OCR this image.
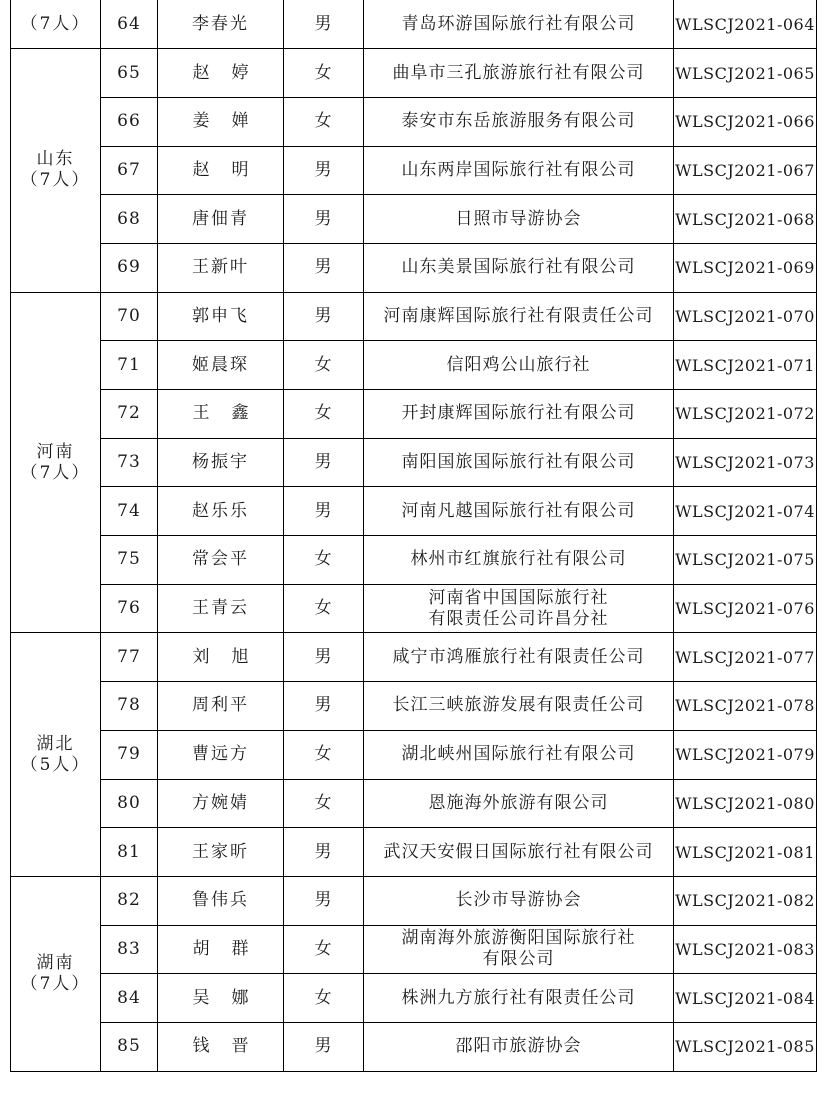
（7人）	64	李春光	男	青岛环游国际旅行社有限公司	WLSCJ2021-064

山东
（7人）	65	赵婷	女	曲阜市三孔旅游旅行社有限公司	WLSCJ2021-065
	66	姜婵	女	泰安市东岳旅游服务有限公司	WLSCJ2021-066
	67	赵明	男	山东两岸国际旅行社有限公司	WLSCJ2021-067
	68	唐佃青	男	日照市导游协会	WLSCJ2021-068
	69	王新叶	男	山东美景国际旅行社有限公司	WLSCJ2021-069

河南
（7人）	70	郭申飞	男	河南康辉国际旅行社有限责任公司	WLSCJ2021-070
	71	姬晨琛	女	信阳鸡公山旅行社	WLSCJ2021-071
	72	王鑫	女	开封康辉国际旅行社有限公司	WLSCJ2021-072
	73	杨振宇	男	南阳国旅国际旅行社有限公司	WLSCJ2021-073
	74	赵乐乐	男	河南凡越国际旅行社有限公司	WLSCJ2021-074
	75	常会平	女	林州市红旗旅行社有限公司	WLSCJ2021-075
	76	王青云	女	河南省中国国际旅行社
有限责任公司许昌分社	WLSCJ2021-076

湖北
（5人）	77	刘旭	男	咸宁市鸿雁旅行社有限责任公司	WLSCJ2021-077
	78	周利平	男	长江三峡旅游发展有限责任公司	WLSCJ2021-078
	79	曹远方	女	湖北峡州国际旅行社有限公司	WLSCJ2021-079
	80	方婉婧	女	恩施海外旅游有限公司	WLSCJ2021-080
	81	王家昕	男	武汉天安假日国际旅行社有限公司	WLSCJ2021-081

湖南
（7人）	82	鲁伟兵	男	长沙市导游协会	WLSCJ2021-082
	83	胡群	女	湖南海外旅游衡阳国际旅行社
有限公司	WLSCJ2021-083
	84	吴娜	女	株洲九方旅行社有限责任公司	WLSCJ2021-084
	85	钱晋	男	邵阳市旅游协会	WLSCJ2021-085
